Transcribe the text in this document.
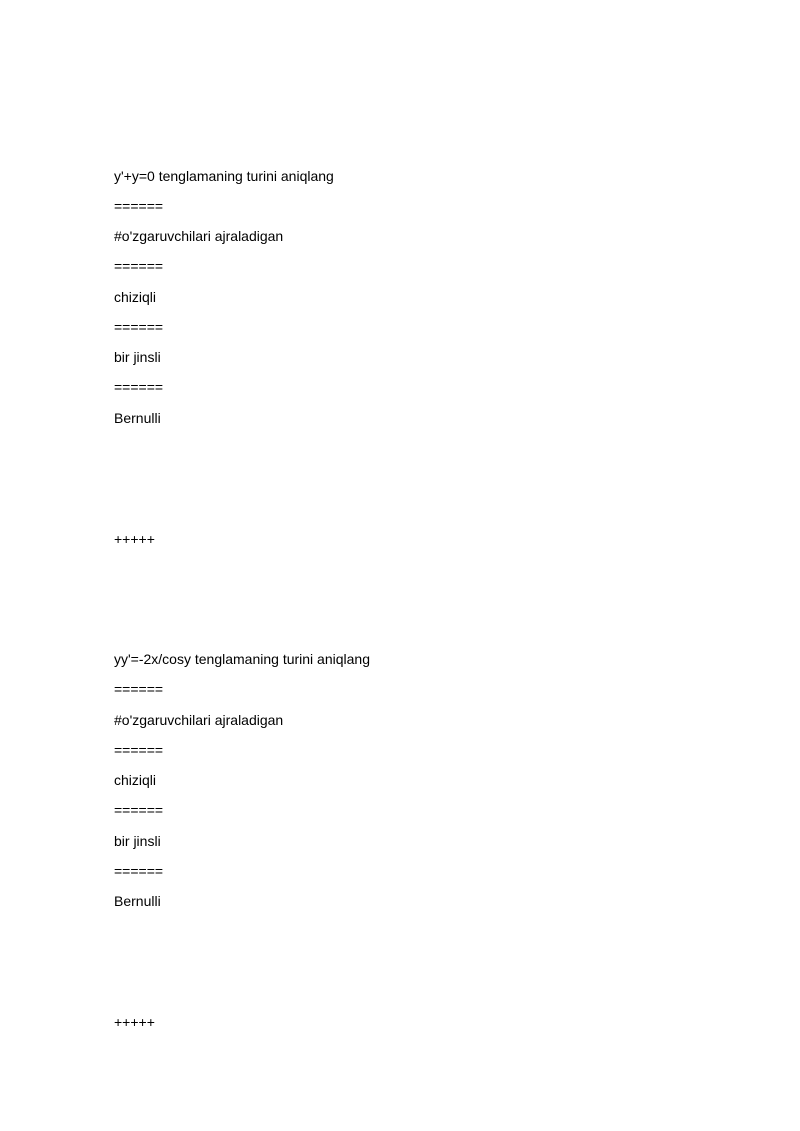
y'+y=0 tenglamaning turini aniqlang
======
#o'zgaruvchilari ajraladigan
======
chiziqli
======
bir jinsli
======
Bernulli
+++++
yy'=-2x/cosy tenglamaning turini aniqlang
======
#o'zgaruvchilari ajraladigan
======
chiziqli
======
bir jinsli
======
Bernulli
+++++
